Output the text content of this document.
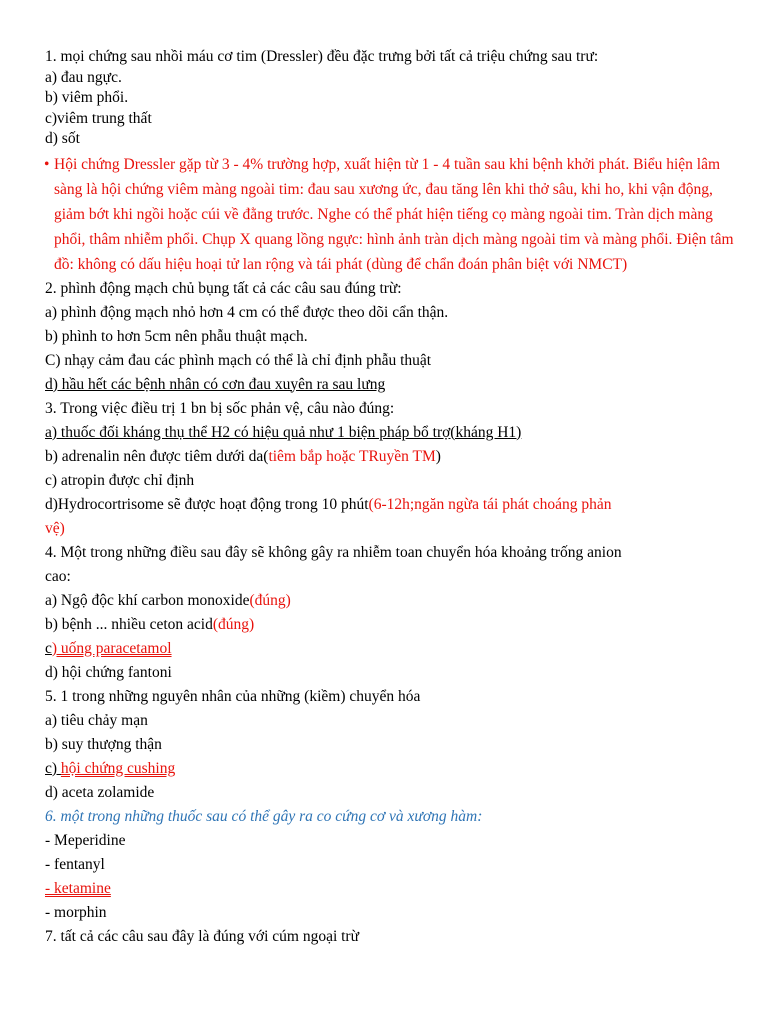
1. mọi chứng sau nhồi máu cơ tim (Dressler) đều đặc trưng bởi tất cả triệu chứng sau trư:
a) đau ngực.
b) viêm phổi.
c)viêm trung thất
d) sốt
• Hội chứng Dressler gặp từ 3 - 4% trường hợp, xuất hiện từ 1 - 4 tuần sau khi bệnh khởi phát. Biểu hiện lâm sàng là hội chứng viêm màng ngoài tim: đau sau xương ức, đau tăng lên khi thở sâu, khi ho, khi vận động, giảm bớt khi ngồi hoặc cúi về đằng trước. Nghe có thể phát hiện tiếng cọ màng ngoài tim. Tràn dịch màng phổi, thâm nhiễm phổi. Chụp X quang lồng ngực: hình ảnh tràn dịch màng ngoài tim và màng phổi. Điện tâm đồ: không có dấu hiệu hoại tử lan rộng và tái phát (dùng để chẩn đoán phân biệt với NMCT)
2. phình động mạch chủ bụng tất cả các câu sau đúng trừ:
a) phình động mạch nhỏ hơn 4 cm có thể được theo dõi cẩn thận.
b) phình to hơn 5cm nên phẫu thuật mạch.
C) nhạy cảm đau các phình mạch có thể là chỉ định phẫu thuật
d) hầu hết các bệnh nhân có cơn đau xuyên ra sau lưng
3. Trong việc điều trị 1 bn bị sốc phản vệ, câu nào đúng:
a) thuốc đối kháng thụ thể H2 có hiệu quả như 1 biện pháp bổ trợ(kháng H1)
b) adrenalin nên được tiêm dưới da(tiêm bắp hoặc TRuyền TM)
c) atropin được chỉ định
d)Hydrocortrisome sẽ được hoạt động trong 10 phút(6-12h;ngăn ngừa tái phát choáng phản
vệ)
4. Một trong những điều sau đây sẽ không gây ra nhiễm toan chuyển hóa khoảng trống anion
cao:
a) Ngộ độc khí carbon monoxide(đúng)
b) bệnh ... nhiều ceton acid(đúng)
c) uống paracetamol
d) hội chứng fantoni
5. 1 trong những nguyên nhân của những (kiềm) chuyển hóa
a) tiêu chảy mạn
b) suy thượng thận
c) hội chứng cushing
d) aceta zolamide
6. một trong những thuốc sau có thể gây ra co cứng cơ và xương hàm:
- Meperidine
- fentanyl
- ketamine
- morphin
7. tất cả các câu sau đây là đúng với cúm ngoại trừ
